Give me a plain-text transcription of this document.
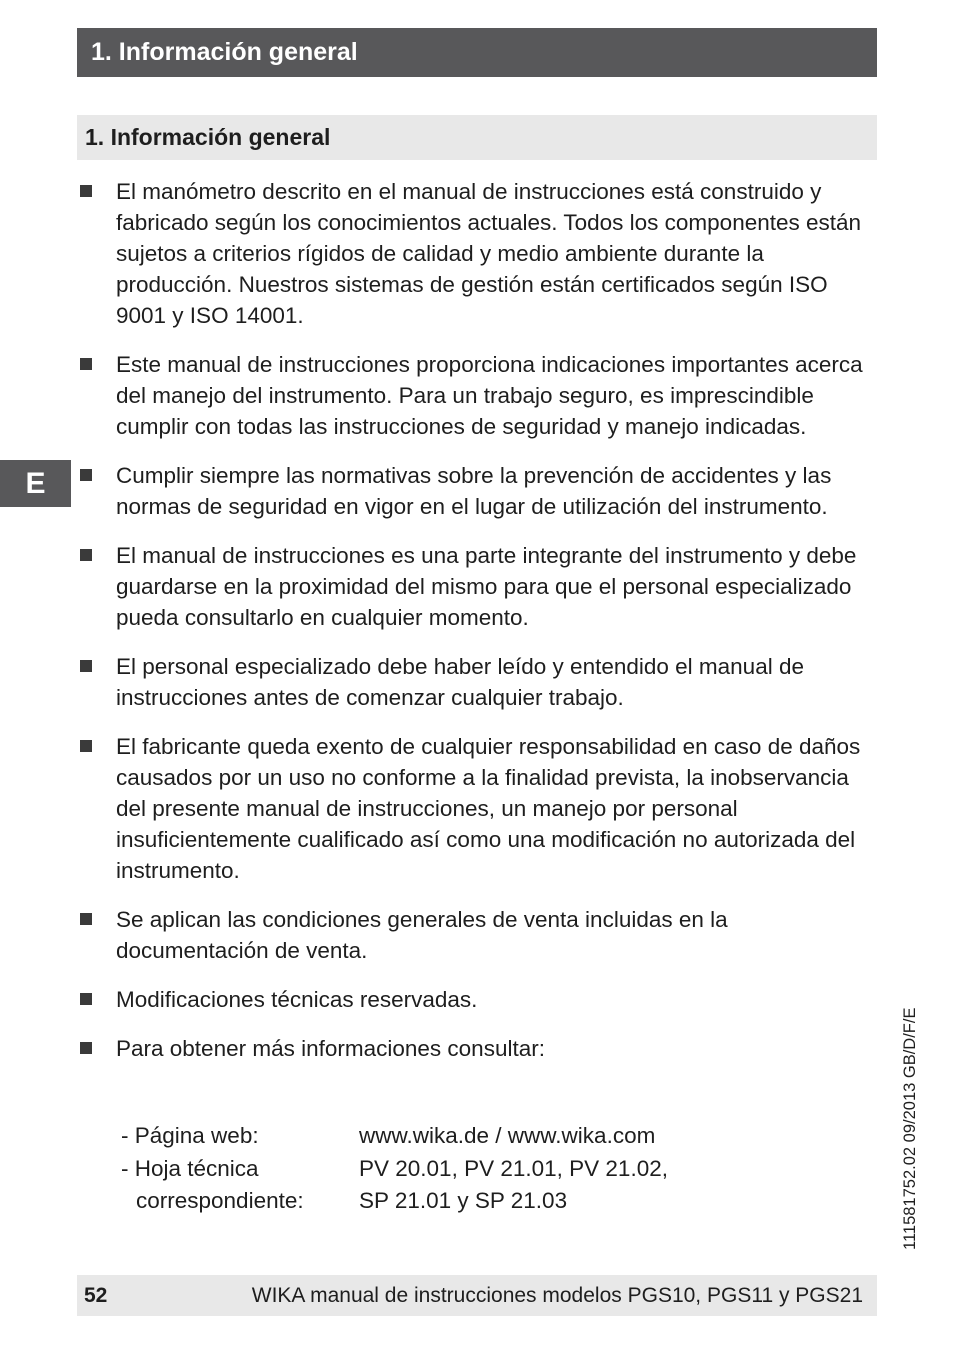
1. Información general
1. Información general
E
El manómetro descrito en el manual de instrucciones está construido y fabricado según los conocimientos actuales. Todos los componentes están sujetos a criterios rígidos de calidad y medio ambiente durante la producción. Nuestros sistemas de gestión están certificados según ISO 9001 y ISO 14001.
Este manual de instrucciones proporciona indicaciones importantes acerca del manejo del instrumento. Para un trabajo seguro, es imprescindible cumplir con todas las instrucciones de seguridad y manejo indicadas.
Cumplir siempre las normativas sobre la prevención de accidentes y las normas de seguridad en vigor en el lugar de utilización del instrumento.
El manual de instrucciones es una parte integrante del instrumento y debe guardarse en la proximidad del mismo para que el personal especializado pueda consultarlo en cualquier momento.
El personal especializado debe haber leído y entendido el manual de instrucciones antes de comenzar cualquier trabajo.
El fabricante queda exento de cualquier responsabilidad en caso de daños causados por un uso no conforme a la finalidad prevista, la inobservancia del presente manual de instrucciones, un manejo por personal insuficientemente cualificado así como una modificación no autorizada del instrumento.
Se aplican las condiciones generales de venta incluidas en la documentación de venta.
Modificaciones técnicas reservadas.
Para obtener más informaciones consultar:
- Página web:	www.wika.de / www.wika.com
- Hoja técnica	PV 20.01, PV 21.01, PV 21.02,
correspondiente:	SP 21.01 y SP 21.03	11158175​2.02 09/2013 GB/D/F/E
52	WIKA manual de instrucciones modelos PGS10, PGS11 y PGS21
